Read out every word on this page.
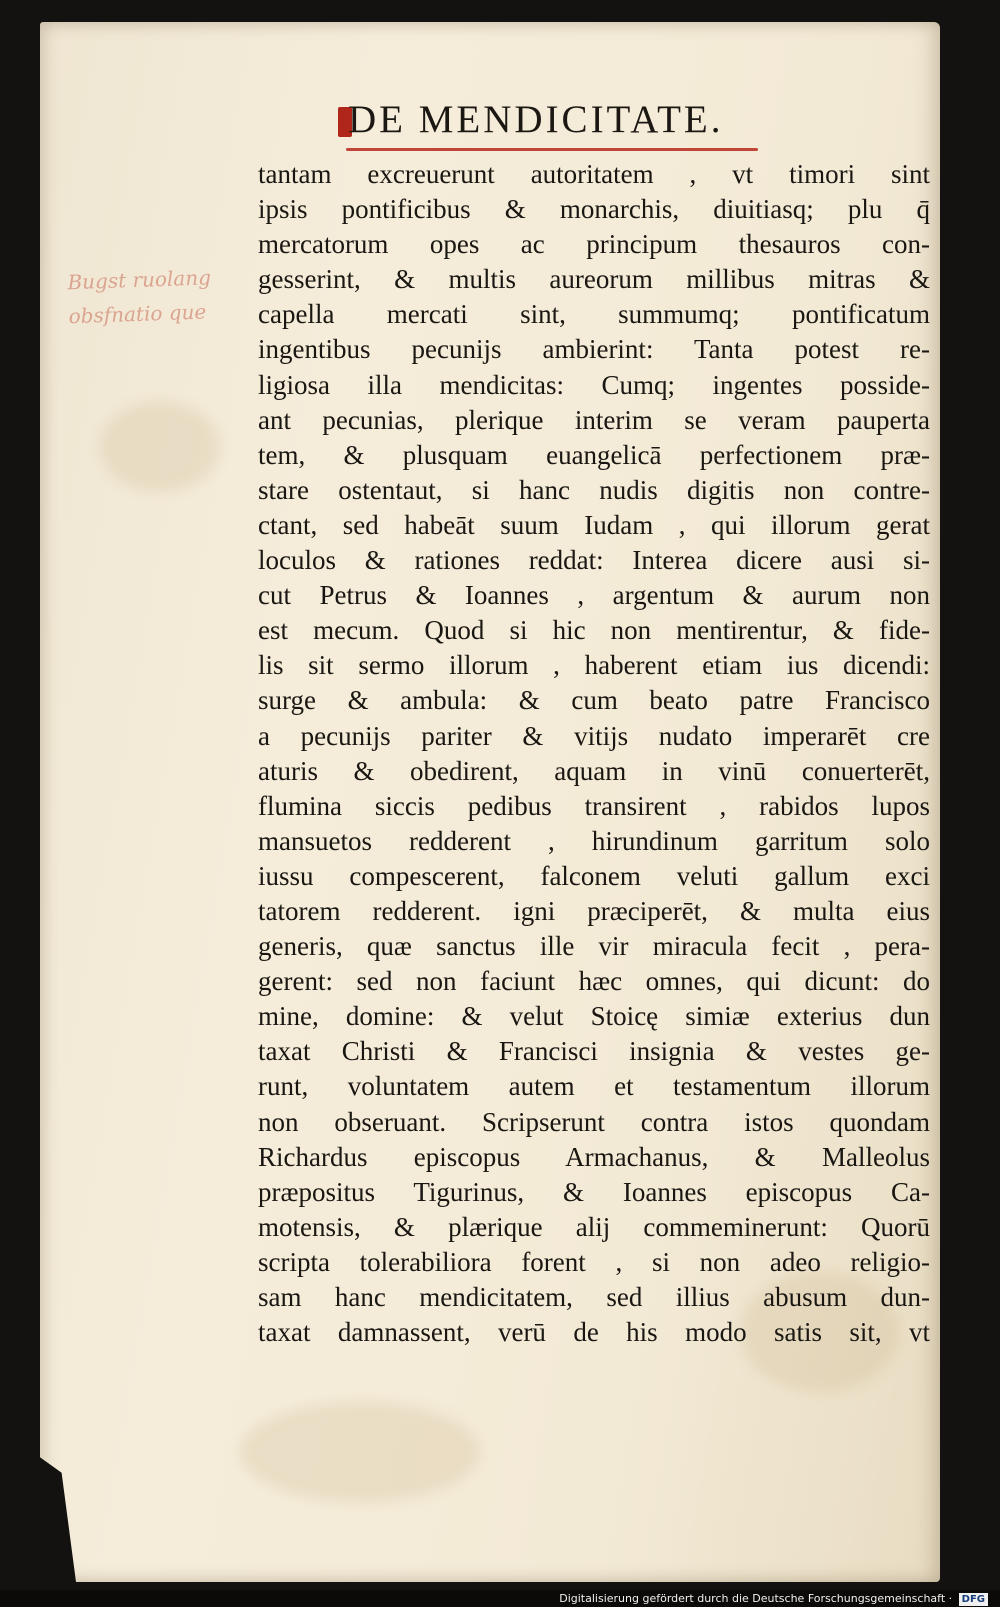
DE MENDICITATE.
Bugst ruolang
obsfnatio que
tantam excreuerunt autoritatem , vt timori sint
ipsis pontificibus & monarchis, diuitiasq; plu q̄
mercatorum opes ac principum thesauros con-
gesserint, & multis aureorum millibus mitras &
capella mercati sint, summumq; pontificatum
ingentibus pecunijs ambierint: Tanta potest re-
ligiosa illa mendicitas: Cumq; ingentes posside-
ant pecunias, plerique interim se veram pauperta
tem, & plusquam euangelicā perfectionem præ-
stare ostentaut, si hanc nudis digitis non contre-
ctant, sed habeāt suum Iudam , qui illorum gerat
loculos & rationes reddat: Interea dicere ausi si-
cut Petrus & Ioannes , argentum & aurum non
est mecum. Quod si hic non mentirentur, & fide-
lis sit sermo illorum , haberent etiam ius dicendi:
surge & ambula: & cum beato patre Francisco
a pecunijs pariter & vitijs nudato imperarēt cre
aturis & obedirent, aquam in vinū conuerterēt,
flumina siccis pedibus transirent , rabidos lupos
mansuetos redderent , hirundinum garritum solo
iussu compescerent, falconem veluti gallum exci
tatorem redderent. igni præciperēt, & multa eius
generis, quæ sanctus ille vir miracula fecit , pera-
gerent: sed non faciunt hæc omnes, qui dicunt: do
mine, domine: & velut Stoicę simiæ exterius dun
taxat Christi & Francisci insignia & vestes ge-
runt, voluntatem autem et testamentum illorum
non obseruant. Scripserunt contra istos quondam
Richardus episcopus Armachanus, & Malleolus
præpositus Tigurinus, & Ioannes episcopus Ca-
motensis, & plærique alij commeminerunt: Quorū
scripta tolerabiliora forent , si non adeo religio-
sam hanc mendicitatem, sed illius abusum dun-
taxat damnassent, verū de his modo satis sit, vt
Digitalisierung gefördert durch die Deutsche Forschungsgemeinschaft · DFG
